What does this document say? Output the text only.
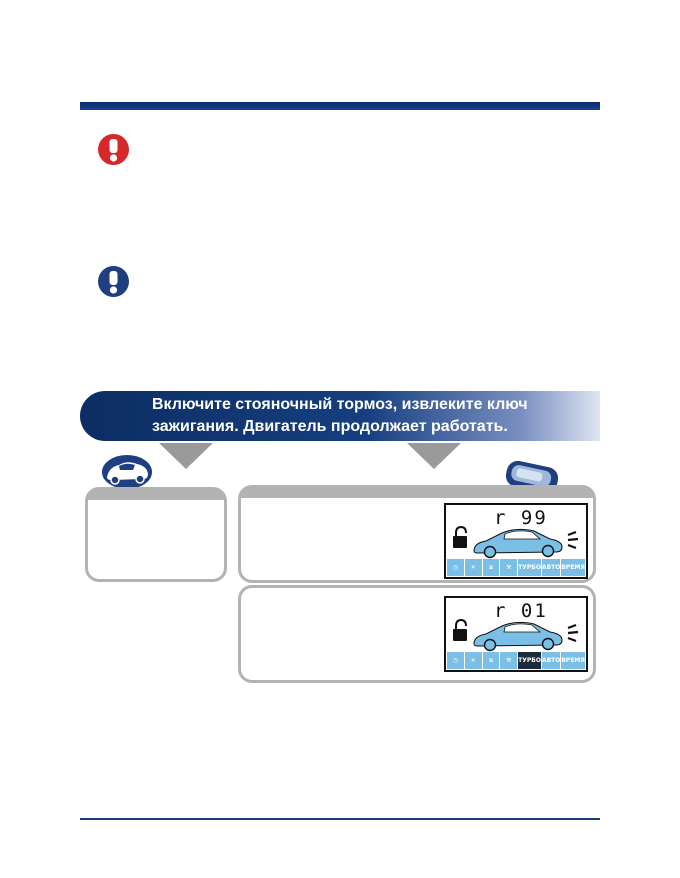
Включите стояночный тормоз, извлеките ключ
зажигания. Двигатель продолжает работать.
r 99
◷	✕	≋	⚒	ТУРБО АВТО ВРЕМЯ
r 01
◷	✕	≋	⚒	ТУРБО АВТО ВРЕМЯ
